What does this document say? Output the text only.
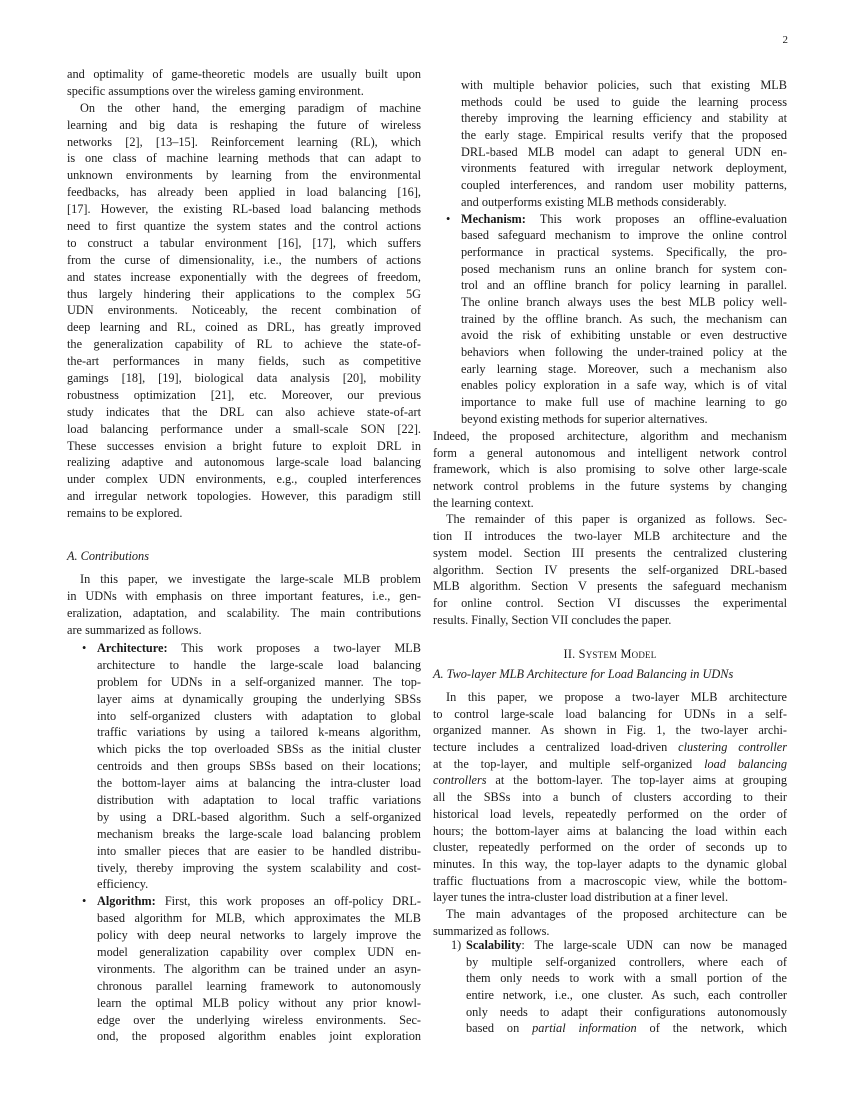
2
and optimality of game-theoretic models are usually built upon
specific assumptions over the wireless gaming environment.
On the other hand, the emerging paradigm of machine
learning and big data is reshaping the future of wireless
networks [2], [13–15]. Reinforcement learning (RL), which
is one class of machine learning methods that can adapt to
unknown environments by learning from the environmental
feedbacks, has already been applied in load balancing [16],
[17]. However, the existing RL-based load balancing methods
need to first quantize the system states and the control actions
to construct a tabular environment [16], [17], which suffers
from the curse of dimensionality, i.e., the numbers of actions
and states increase exponentially with the degrees of freedom,
thus largely hindering their applications to the complex 5G
UDN environments. Noticeably, the recent combination of
deep learning and RL, coined as DRL, has greatly improved
the generalization capability of RL to achieve the state-of-
the-art performances in many fields, such as competitive
gamings [18], [19], biological data analysis [20], mobility
robustness optimization [21], etc. Moreover, our previous
study indicates that the DRL can also achieve state-of-art
load balancing performance under a small-scale SON [22].
These successes envision a bright future to exploit DRL in
realizing adaptive and autonomous large-scale load balancing
under complex UDN environments, e.g., coupled interferences
and irregular network topologies. However, this paradigm still
remains to be explored.
A. Contributions
In this paper, we investigate the large-scale MLB problem
in UDNs with emphasis on three important features, i.e., gen-
eralization, adaptation, and scalability. The main contributions
are summarized as follows.
• Architecture: This work proposes a two-layer MLB
architecture to handle the large-scale load balancing
problem for UDNs in a self-organized manner. The top-
layer aims at dynamically grouping the underlying SBSs
into self-organized clusters with adaptation to global
traffic variations by using a tailored k-means algorithm,
which picks the top overloaded SBSs as the initial cluster
centroids and then groups SBSs based on their locations;
the bottom-layer aims at balancing the intra-cluster load
distribution with adaptation to local traffic variations
by using a DRL-based algorithm. Such a self-organized
mechanism breaks the large-scale load balancing problem
into smaller pieces that are easier to be handled distribu-
tively, thereby improving the system scalability and cost-
efficiency.
• Algorithm: First, this work proposes an off-policy DRL-
based algorithm for MLB, which approximates the MLB
policy with deep neural networks to largely improve the
model generalization capability over complex UDN en-
vironments. The algorithm can be trained under an asyn-
chronous parallel learning framework to autonomously
learn the optimal MLB policy without any prior knowl-
edge over the underlying wireless environments. Sec-
ond, the proposed algorithm enables joint exploration
with multiple behavior policies, such that existing MLB
methods could be used to guide the learning process
thereby improving the learning efficiency and stability at
the early stage. Empirical results verify that the proposed
DRL-based MLB model can adapt to general UDN en-
vironments featured with irregular network deployment,
coupled interferences, and random user mobility patterns,
and outperforms existing MLB methods considerably.
• Mechanism: This work proposes an offline-evaluation
based safeguard mechanism to improve the online control
performance in practical systems. Specifically, the pro-
posed mechanism runs an online branch for system con-
trol and an offline branch for policy learning in parallel.
The online branch always uses the best MLB policy well-
trained by the offline branch. As such, the mechanism can
avoid the risk of exhibiting unstable or even destructive
behaviors when following the under-trained policy at the
early learning stage. Moreover, such a mechanism also
enables policy exploration in a safe way, which is of vital
importance to make full use of machine learning to go
beyond existing methods for superior alternatives.
Indeed, the proposed architecture, algorithm and mechanism
form a general autonomous and intelligent network control
framework, which is also promising to solve other large-scale
network control problems in the future systems by changing
the learning context.
The remainder of this paper is organized as follows. Sec-
tion II introduces the two-layer MLB architecture and the
system model. Section III presents the centralized clustering
algorithm. Section IV presents the self-organized DRL-based
MLB algorithm. Section V presents the safeguard mechanism
for online control. Section VI discusses the experimental
results. Finally, Section VII concludes the paper.
II. System Model
A. Two-layer MLB Architecture for Load Balancing in UDNs
In this paper, we propose a two-layer MLB architecture
to control large-scale load balancing for UDNs in a self-
organized manner. As shown in Fig. 1, the two-layer archi-
tecture includes a centralized load-driven clustering controller
at the top-layer, and multiple self-organized load balancing
controllers at the bottom-layer. The top-layer aims at grouping
all the SBSs into a bunch of clusters according to their
historical load levels, repeatedly performed on the order of
hours; the bottom-layer aims at balancing the load within each
cluster, repeatedly performed on the order of seconds up to
minutes. In this way, the top-layer adapts to the dynamic global
traffic fluctuations from a macroscopic view, while the bottom-
layer tunes the intra-cluster load distribution at a finer level.
The main advantages of the proposed architecture can be
summarized as follows.
1) Scalability: The large-scale UDN can now be managed
by multiple self-organized controllers, where each of
them only needs to work with a small portion of the
entire network, i.e., one cluster. As such, each controller
only needs to adapt their configurations autonomously
based on partial information of the network, which
